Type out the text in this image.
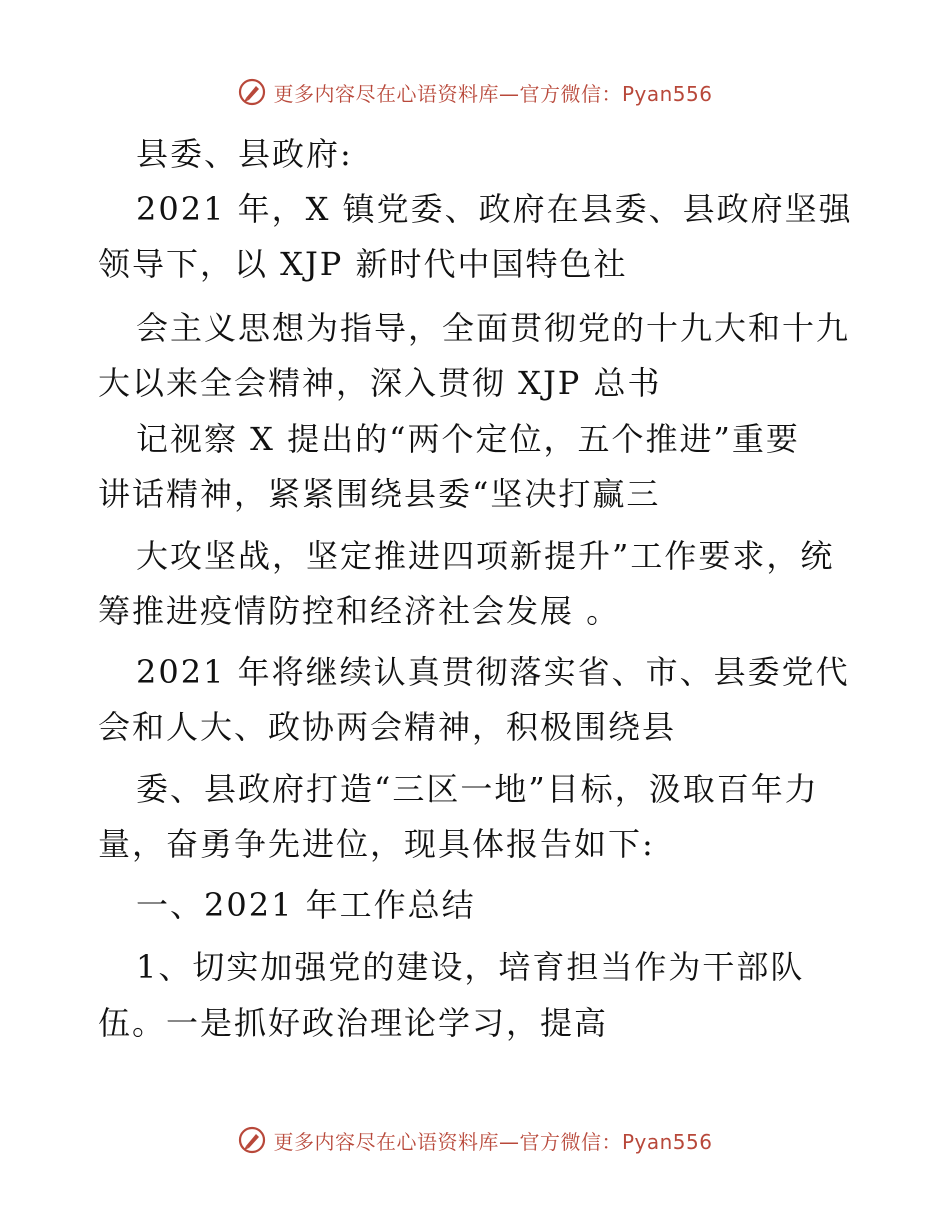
更多内容尽在心语资料库—官方微信：Pyan556
县委、县政府:
2021 年，X 镇党委、政府在县委、县政府坚强
领导下，以 XJP 新时代中国特色社
会主义思想为指导，全面贯彻党的十九大和十九
大以来全会精神，深入贯彻 XJP 总书
记视察 X 提出的“两个定位，五个推进”重要
讲话精神，紧紧围绕县委“坚决打赢三
大攻坚战，坚定推进四项新提升”工作要求，统
筹推进疫情防控和经济社会发展 。
2021 年将继续认真贯彻落实省、市、县委党代
会和人大、政协两会精神，积极围绕县
委、县政府打造“三区一地”目标，汲取百年力
量，奋勇争先进位，现具体报告如下:
一、2021 年工作总结
1、切实加强党的建设，培育担当作为干部队
伍。一是抓好政治理论学习，提高
更多内容尽在心语资料库—官方微信：Pyan556
